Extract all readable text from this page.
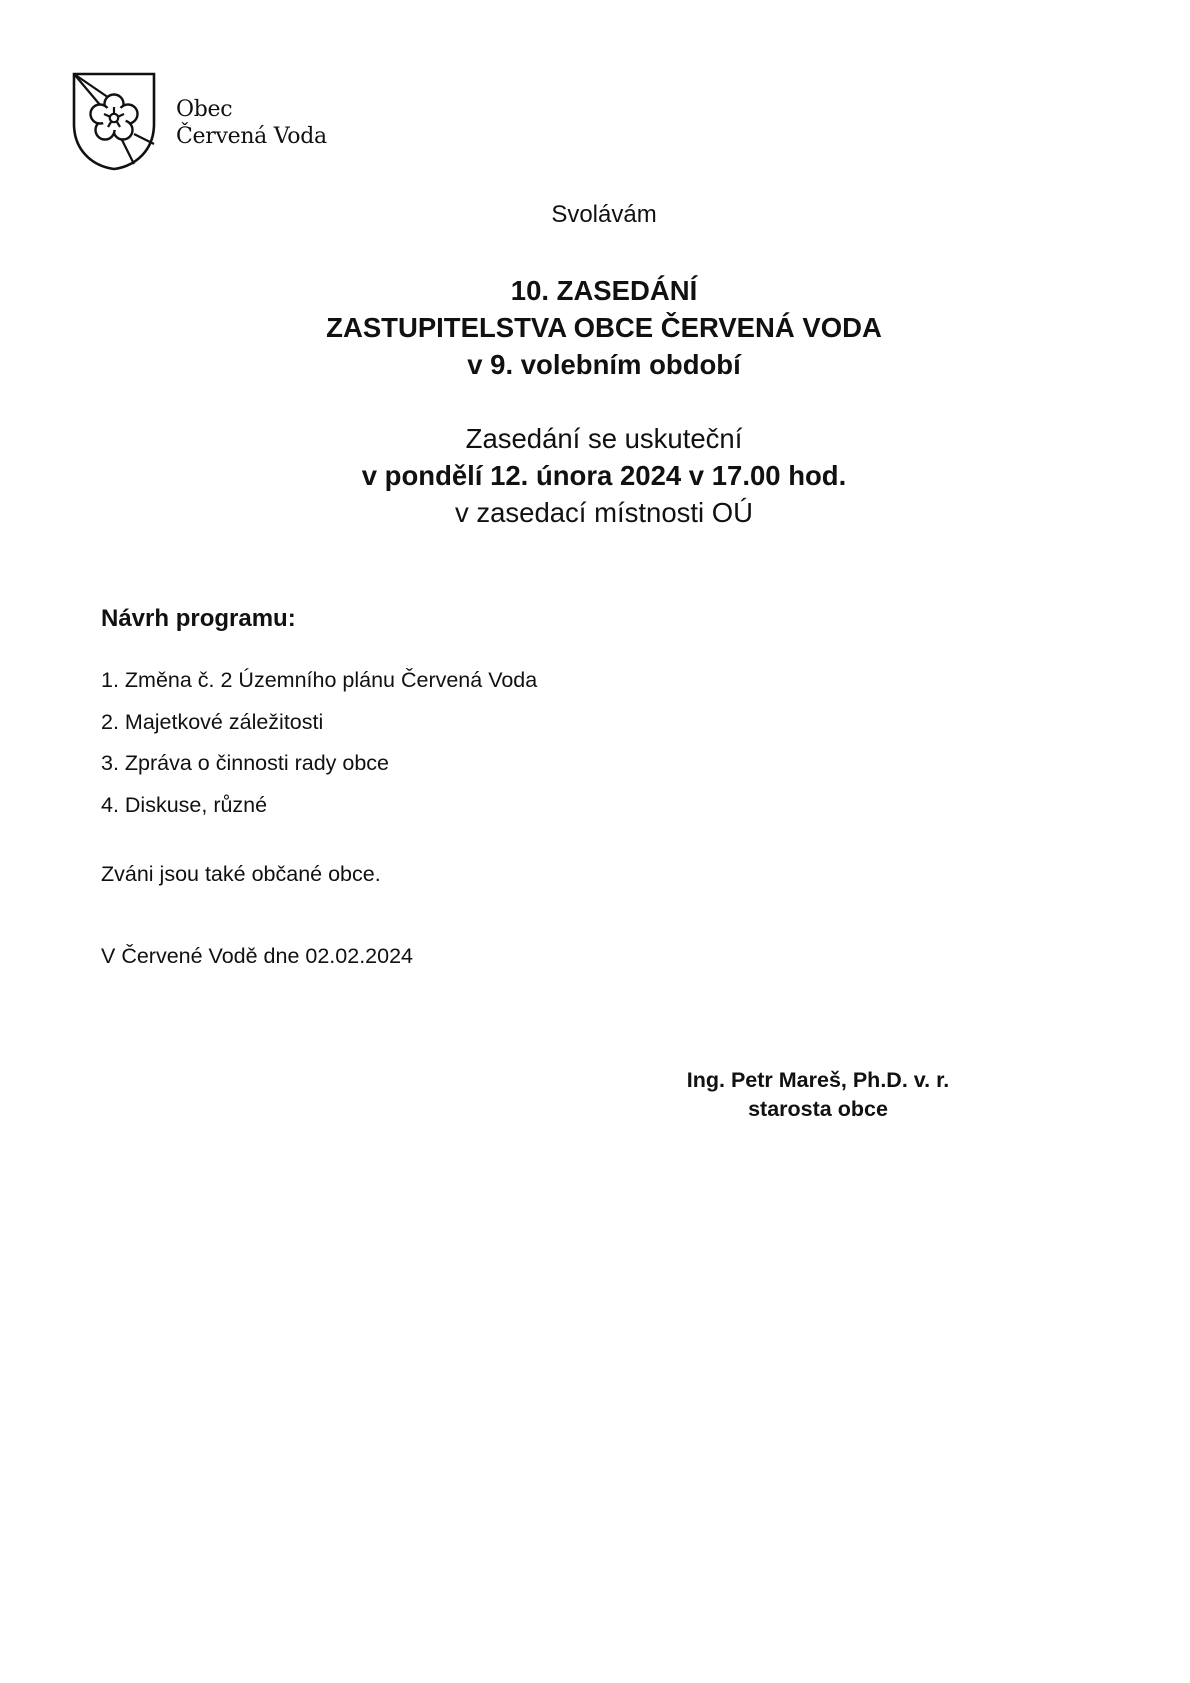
Obec
Červená Voda
Svolávám
10. ZASEDÁNÍ
ZASTUPITELSTVA OBCE ČERVENÁ VODA
v 9. volebním období
Zasedání se uskuteční
v pondělí 12. února 2024 v 17.00 hod.
v zasedací místnosti OÚ
Návrh programu:
1. Změna č. 2 Územního plánu Červená Voda
2. Majetkové záležitosti
3. Zpráva o činnosti rady obce
4. Diskuse, různé
Zváni jsou také občané obce.
V Červené Vodě dne 02.02.2024
Ing. Petr Mareš, Ph.D. v. r.
starosta obce
